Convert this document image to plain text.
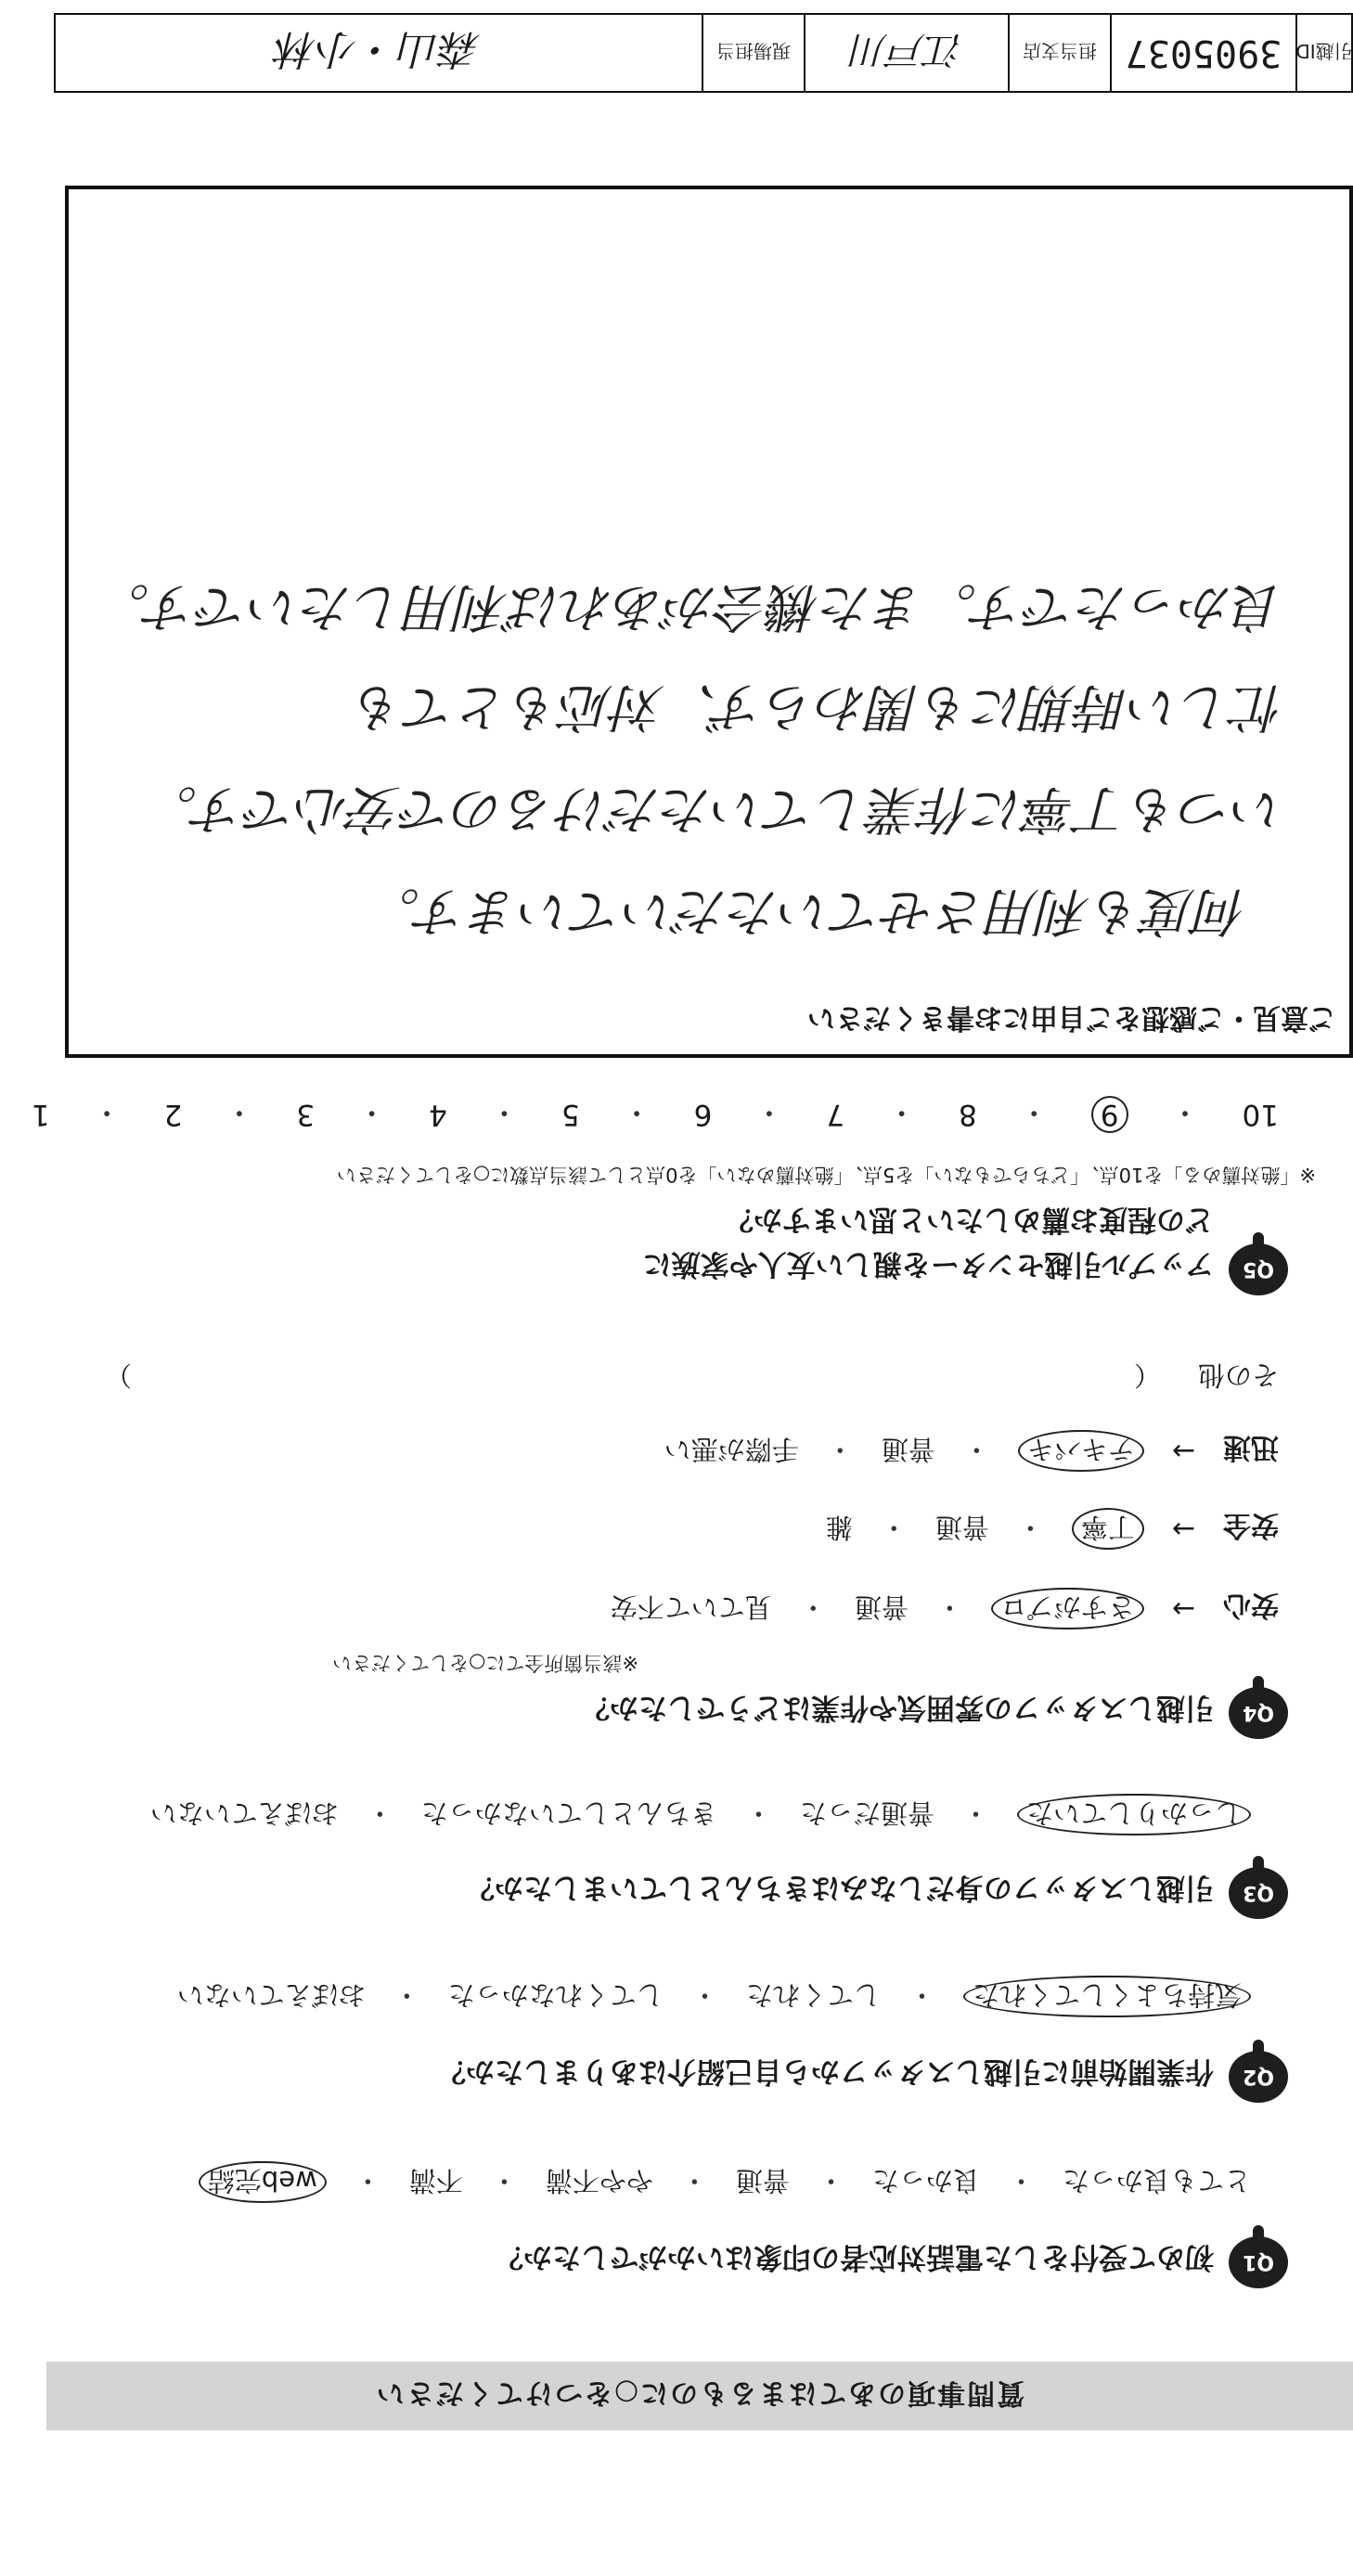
質問事項のあてはまるものに○をつけてください
Q1
初めて受付をした電話対応者の印象はいかがでしたか？
とても良かった
・
良かった
・
普通
・
やや不満
・
不満
・
web完結
Q2
作業開始前に引越しスタッフから自己紹介はありましたか？
気持ちよくしてくれた
・
してくれた
・
してくれなかった
・
おぼえていない
Q3
引越しスタッフの身だしなみはきちんとしていましたか？
しっかりしていた
・
普通だった
・
きちんとしていなかった
・
おぼえていない
Q4
引越しスタッフの雰囲気や作業はどうでしたか？
※該当箇所全てに○をしてください
安心
→
さすがプロ
・
普通
・
見ていて不安
安全
→
丁寧
・
普通
・
雑
迅速
→
テキパキ
・
普通
・
手際が悪い
その他
（
）
Q5
アップル引越センターを親しい友人や家族に
どの程度お薦めしたいと思いますか？
※「絶対薦める」を10点、「どちらでもない」を5点、「絶対薦めない」を0点として該当点数に○をしてください
10
・
9
・
8
・
7
・
6
・
5
・
4
・
3
・
2
・
1
ご意見・ご感想をご自由にお書きください
何度も利用させていただいています。
いつも丁寧に作業していただけるので安心です。
忙しい時期にも関わらず、対応もとても
良かったです。また機会があれば利用したいです。
引越ID
3905037
担当支店
江戸川
現場担当
森山・小林
